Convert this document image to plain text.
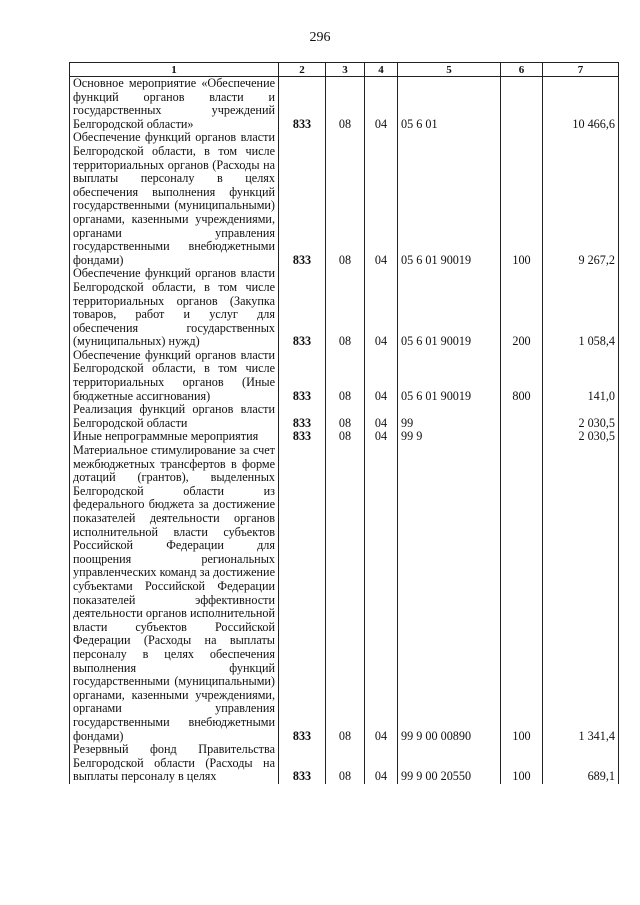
296
1	2	3	4	5	6	7
Основное мероприятие «Обеспечение функций органов власти и государственных учреждений Белгородской области»	833	08	04	05 6 01		10 466,6
Обеспечение функций органов власти Белгородской области, в том числе территориальных органов (Расходы на выплаты персоналу в целях обеспечения выполнения функций государственными (муниципальными) органами, казенными учреждениями, органами управления государственными внебюджетными фондами)	833	08	04	05 6 01 90019	100	9 267,2
Обеспечение функций органов власти Белгородской области, в том числе территориальных органов (Закупка товаров, работ и услуг для обеспечения государственных (муниципальных) нужд)	833	08	04	05 6 01 90019	200	1 058,4
Обеспечение функций органов власти Белгородской области, в том числе территориальных органов (Иные бюджетные ассигнования)	833	08	04	05 6 01 90019	800	141,0
Реализация функций органов власти Белгородской области	833	08	04	99		2 030,5
Иные непрограммные мероприятия	833	08	04	99 9		2 030,5
Материальное стимулирование за счет межбюджетных трансфертов в форме дотаций (грантов), выделенных Белгородской области из федерального бюджета за достижение показателей деятельности органов исполнительной власти субъектов Российской Федерации для поощрения региональных управленческих команд за достижение субъектами Российской Федерации показателей эффективности деятельности органов исполнительной власти субъектов Российской Федерации (Расходы на выплаты персоналу в целях обеспечения выполнения функций государственными (муниципальными) органами, казенными учреждениями, органами управления государственными внебюджетными фондами)	833	08	04	99 9 00 00890	100	1 341,4
Резервный фонд Правительства Белгородской области (Расходы на выплаты персоналу в целях	833	08	04	99 9 00 20550	100	689,1
